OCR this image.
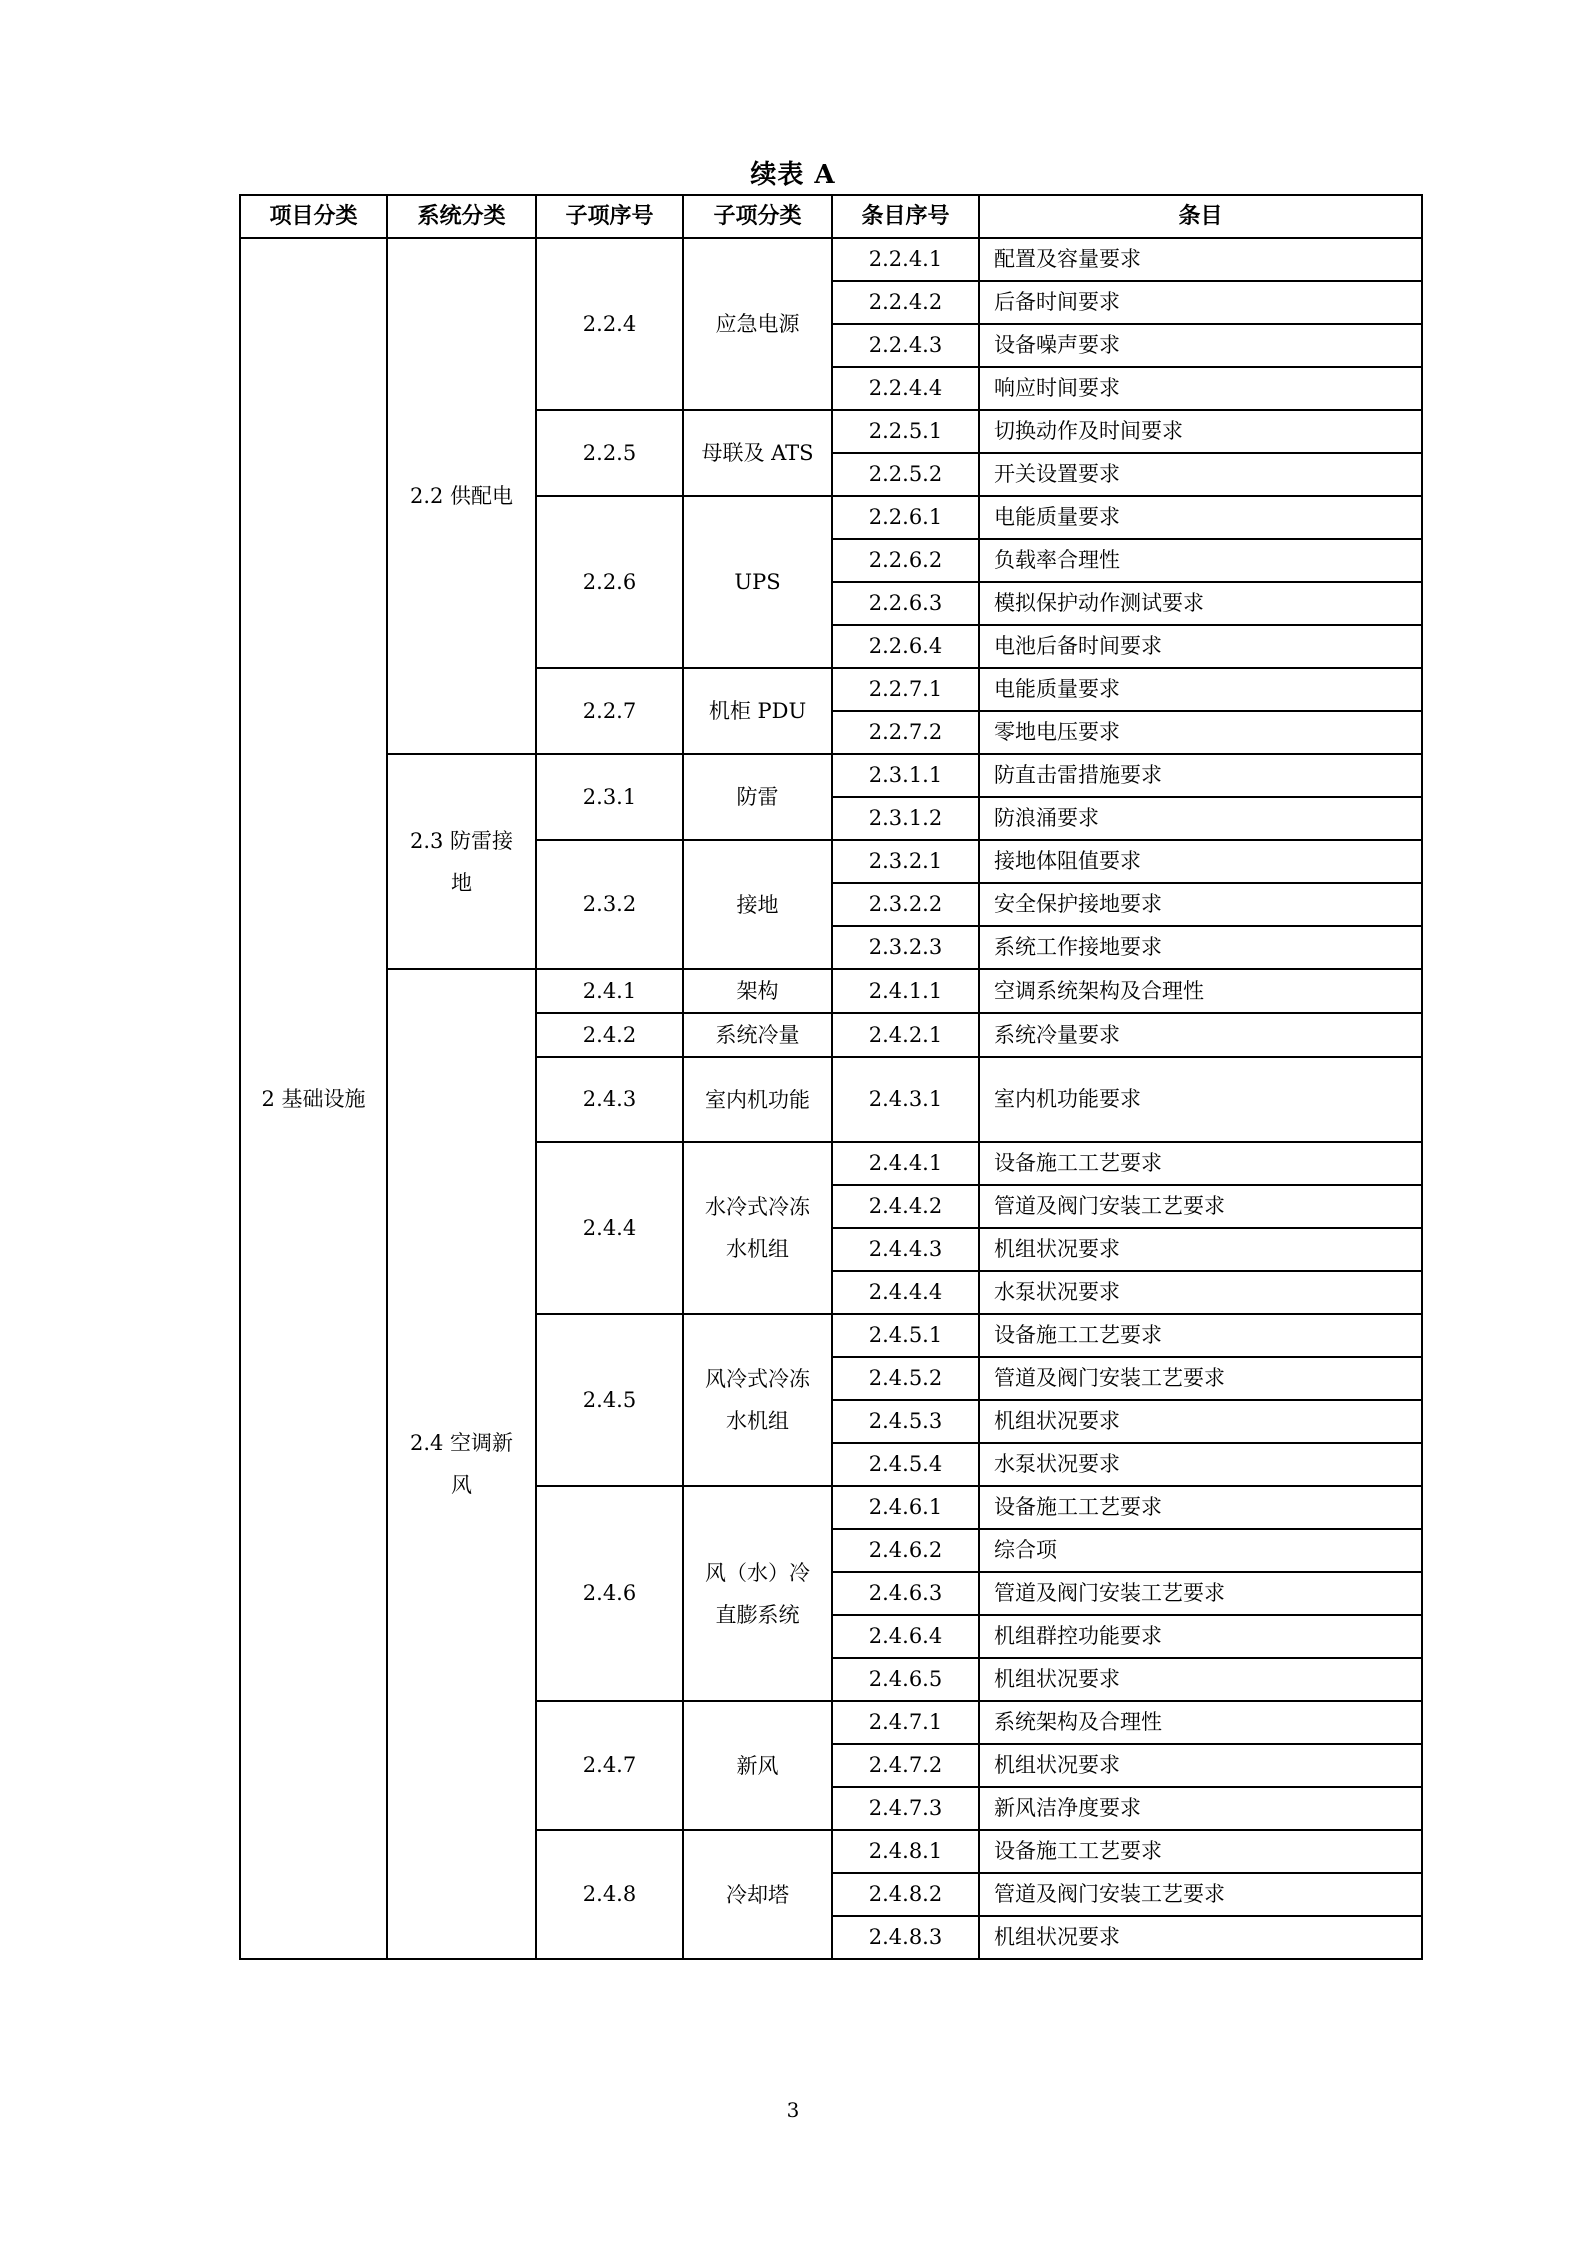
续表 A
项目分类	系统分类	子项序号	子项分类	条目序号	条目
2 基础设施	2.2 供配电	2.2.4	应急电源	2.2.4.1	配置及容量要求
				2.2.4.2	后备时间要求
				2.2.4.3	设备噪声要求
				2.2.4.4	响应时间要求
		2.2.5	母联及 ATS	2.2.5.1	切换动作及时间要求
				2.2.5.2	开关设置要求
		2.2.6	UPS	2.2.6.1	电能质量要求
				2.2.6.2	负载率合理性
				2.2.6.3	模拟保护动作测试要求
				2.2.6.4	电池后备时间要求
		2.2.7	机柜 PDU	2.2.7.1	电能质量要求
				2.2.7.2	零地电压要求
	2.3 防雷接地	2.3.1	防雷	2.3.1.1	防直击雷措施要求
				2.3.1.2	防浪涌要求
		2.3.2	接地	2.3.2.1	接地体阻值要求
				2.3.2.2	安全保护接地要求
				2.3.2.3	系统工作接地要求
	2.4 空调新风	2.4.1	架构	2.4.1.1	空调系统架构及合理性
		2.4.2	系统冷量	2.4.2.1	系统冷量要求
		2.4.3	室内机功能	2.4.3.1	室内机功能要求
		2.4.4	水冷式冷冻水机组	2.4.4.1	设备施工工艺要求
				2.4.4.2	管道及阀门安装工艺要求
				2.4.4.3	机组状况要求
				2.4.4.4	水泵状况要求
		2.4.5	风冷式冷冻水机组	2.4.5.1	设备施工工艺要求
				2.4.5.2	管道及阀门安装工艺要求
				2.4.5.3	机组状况要求
				2.4.5.4	水泵状况要求
		2.4.6	风（水）冷直膨系统	2.4.6.1	设备施工工艺要求
				2.4.6.2	综合项
				2.4.6.3	管道及阀门安装工艺要求
				2.4.6.4	机组群控功能要求
				2.4.6.5	机组状况要求
		2.4.7	新风	2.4.7.1	系统架构及合理性
				2.4.7.2	机组状况要求
				2.4.7.3	新风洁净度要求
		2.4.8	冷却塔	2.4.8.1	设备施工工艺要求
				2.4.8.2	管道及阀门安装工艺要求
				2.4.8.3	机组状况要求
3
